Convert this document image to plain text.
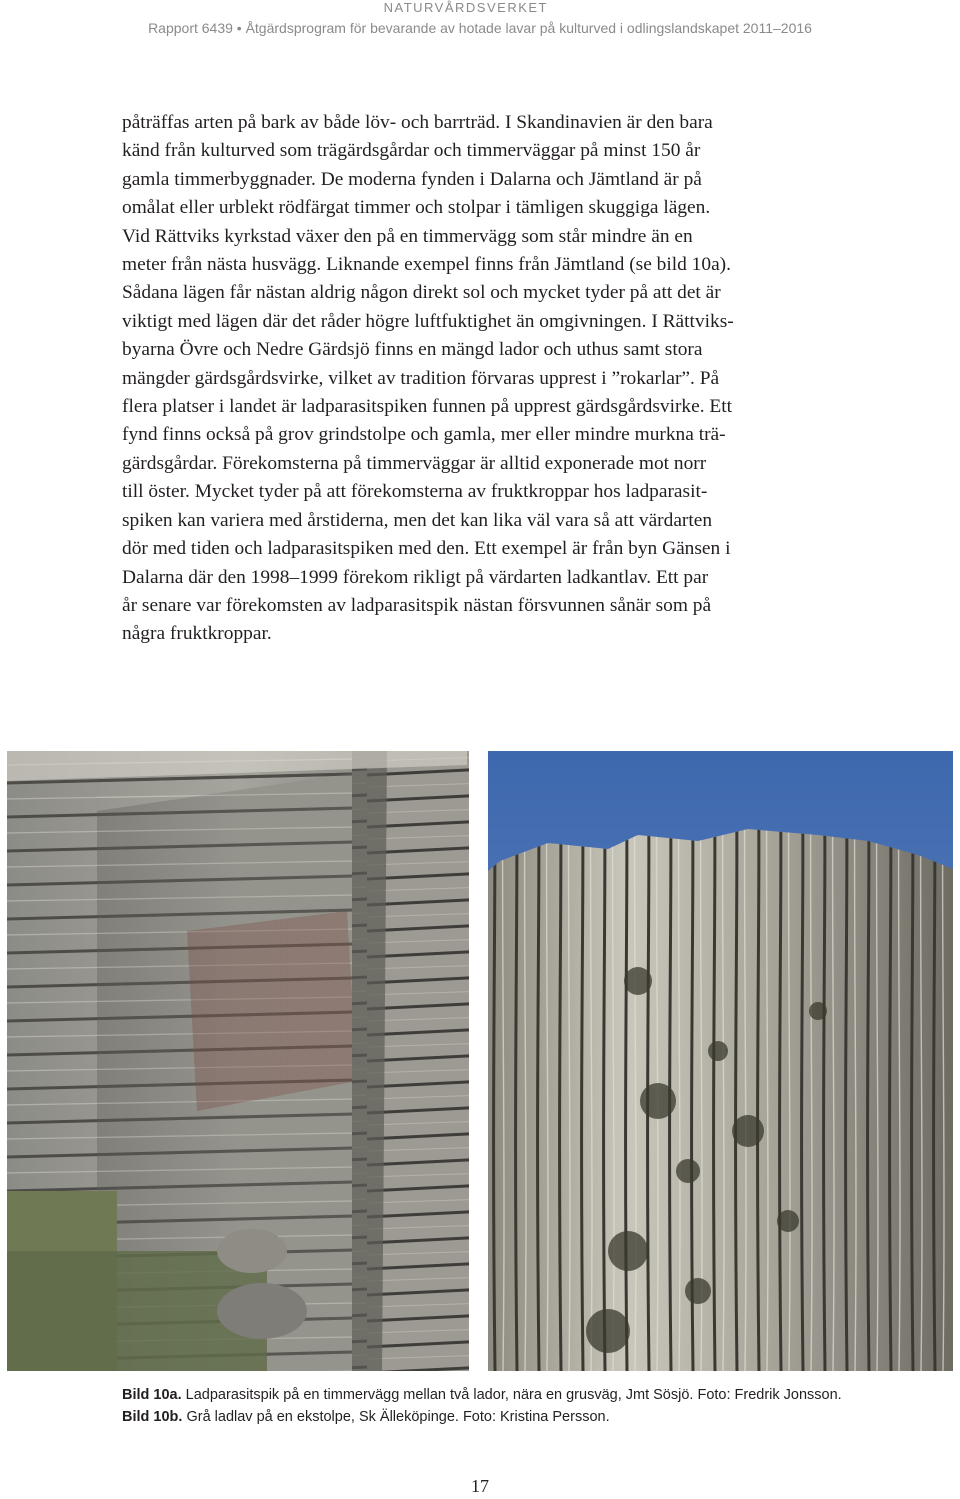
NATURVÅRDSVERKET
Rapport 6439 • Åtgärdsprogram för bevarande av hotade lavar på kulturved i odlingslandskapet 2011–2016

påträffas arten på bark av både löv- och barrträd. I Skandinavien är den bara
känd från kulturved som trägärdsgårdar och timmerväggar på minst 150 år
gamla timmerbyggnader. De moderna fynden i Dalarna och Jämtland är på
omålat eller urblekt rödfärgat timmer och stolpar i tämligen skuggiga lägen.
Vid Rättviks kyrkstad växer den på en timmervägg som står mindre än en
meter från nästa husvägg. Liknande exempel finns från Jämtland (se bild 10a).
Sådana lägen får nästan aldrig någon direkt sol och mycket tyder på att det är
viktigt med lägen där det råder högre luftfuktighet än omgivningen. I Rättviks-
byarna Övre och Nedre Gärdsjö finns en mängd lador och uthus samt stora
mängder gärdsgårdsvirke, vilket av tradition förvaras upprest i ”rokarlar”. På
flera platser i landet är ladparasitspiken funnen på upprest gärdsgårdsvirke. Ett
fynd finns också på grov grindstolpe och gamla, mer eller mindre murkna trä-
gärdsgårdar. Förekomsterna på timmerväggar är alltid exponerade mot norr
till öster. Mycket tyder på att förekomsterna av fruktkroppar hos ladparasit-
spiken kan variera med årstiderna, men det kan lika väl vara så att värdarten
dör med tiden och ladparasitspiken med den. Ett exempel är från byn Gänsen i
Dalarna där den 1998–1999 förekom rikligt på värdarten ladkantlav. Ett par
år senare var förekomsten av ladparasitspik nästan försvunnen sånär som på
några fruktkroppar.

Bild 10a. Ladparasitspik på en timmervägg mellan två lador, nära en grusväg, Jmt Sösjö. Foto: Fredrik Jonsson.
Bild 10b. Grå ladlav på en ekstolpe, Sk Älleköpinge. Foto: Kristina Persson.
17
